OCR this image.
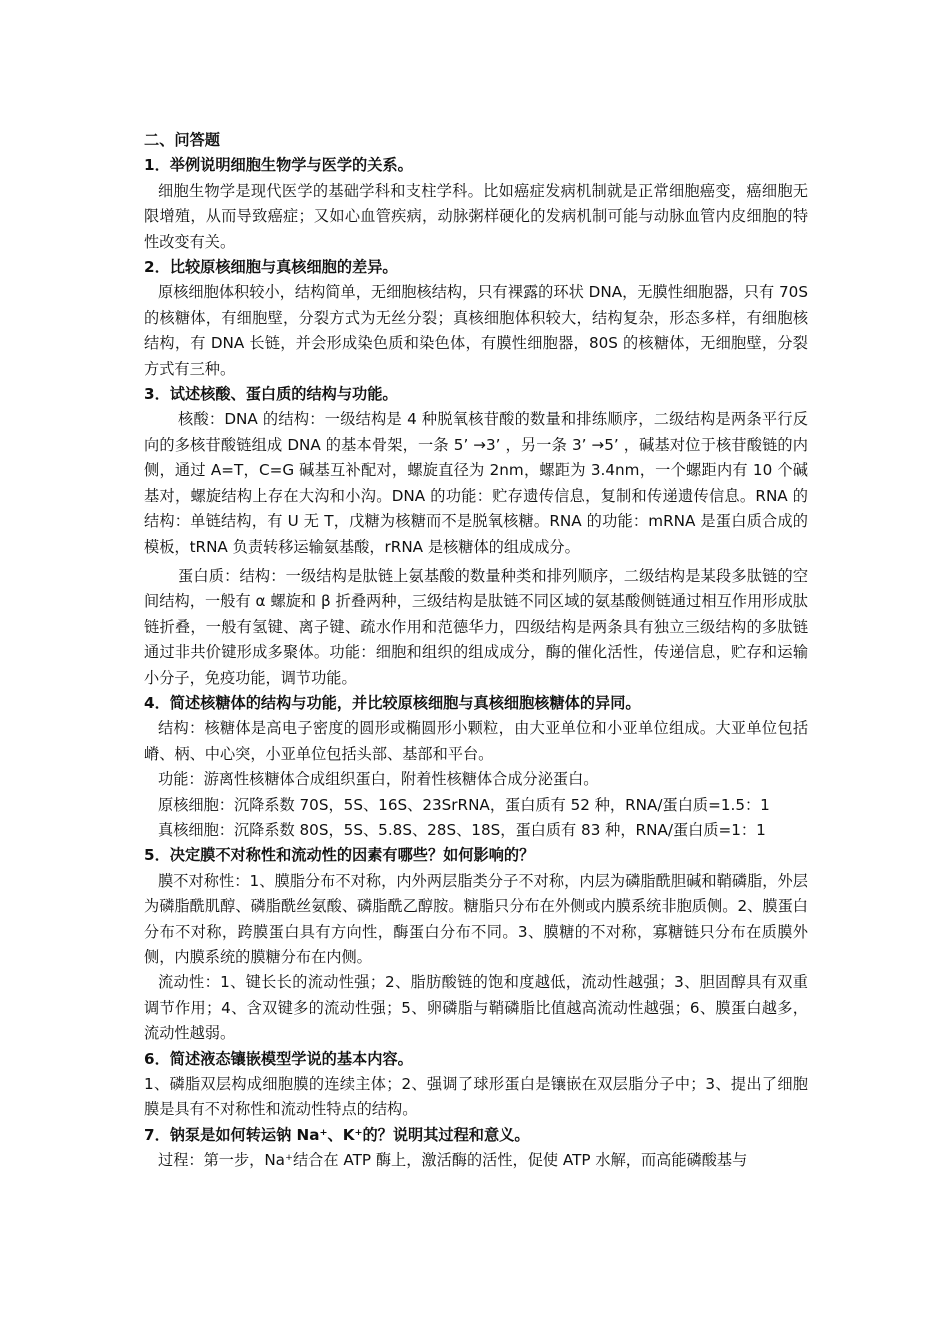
二、问答题

1．举例说明细胞生物学与医学的关系。

细胞生物学是现代医学的基础学科和支柱学科。比如癌症发病机制就是正常细胞癌变，癌细胞无限增殖，从而导致癌症；又如心血管疾病，动脉粥样硬化的发病机制可能与动脉血管内皮细胞的特性改变有关。

2．比较原核细胞与真核细胞的差异。

原核细胞体积较小，结构简单，无细胞核结构，只有裸露的环状 DNA，无膜性细胞器，只有 70S 的核糖体，有细胞壁，分裂方式为无丝分裂；真核细胞体积较大，结构复杂，形态多样，有细胞核结构，有 DNA 长链，并会形成染色质和染色体，有膜性细胞器，80S 的核糖体，无细胞壁，分裂方式有三种。

3．试述核酸、蛋白质的结构与功能。

核酸：DNA 的结构：一级结构是 4 种脱氧核苷酸的数量和排练顺序，二级结构是两条平行反向的多核苷酸链组成 DNA 的基本骨架，一条 5’ →3’ ，另一条 3’ →5’ ，碱基对位于核苷酸链的内侧，通过 A=T，C=G 碱基互补配对，螺旋直径为 2nm，螺距为 3.4nm，一个螺距内有 10 个碱基对，螺旋结构上存在大沟和小沟。DNA 的功能：贮存遗传信息，复制和传递遗传信息。RNA 的结构：单链结构，有 U 无 T，戊糖为核糖而不是脱氧核糖。RNA 的功能：mRNA 是蛋白质合成的模板，tRNA 负责转移运输氨基酸，rRNA 是核糖体的组成成分。

蛋白质：结构：一级结构是肽链上氨基酸的数量种类和排列顺序，二级结构是某段多肽链的空间结构，一般有 α 螺旋和 β 折叠两种，三级结构是肽链不同区域的氨基酸侧链通过相互作用形成肽链折叠，一般有氢键、离子键、疏水作用和范德华力，四级结构是两条具有独立三级结构的多肽链通过非共价键形成多聚体。功能：细胞和组织的组成成分，酶的催化活性，传递信息，贮存和运输小分子，免疫功能，调节功能。

4．简述核糖体的结构与功能，并比较原核细胞与真核细胞核糖体的异同。

结构：核糖体是高电子密度的圆形或椭圆形小颗粒，由大亚单位和小亚单位组成。大亚单位包括嵴、柄、中心突，小亚单位包括头部、基部和平台。

功能：游离性核糖体合成组织蛋白，附着性核糖体合成分泌蛋白。

原核细胞：沉降系数 70S，5S、16S、23SrRNA，蛋白质有 52 种，RNA/蛋白质=1.5：1

真核细胞：沉降系数 80S，5S、5.8S、28S、18S，蛋白质有 83 种，RNA/蛋白质=1：1

5．决定膜不对称性和流动性的因素有哪些？如何影响的？

膜不对称性：1、膜脂分布不对称，内外两层脂类分子不对称，内层为磷脂酰胆碱和鞘磷脂，外层为磷脂酰肌醇、磷脂酰丝氨酸、磷脂酰乙醇胺。糖脂只分布在外侧或内膜系统非胞质侧。2、膜蛋白分布不对称，跨膜蛋白具有方向性，酶蛋白分布不同。3、膜糖的不对称，寡糖链只分布在质膜外侧，内膜系统的膜糖分布在内侧。

流动性：1、键长长的流动性强；2、脂肪酸链的饱和度越低，流动性越强；3、胆固醇具有双重调节作用；4、含双键多的流动性强；5、卵磷脂与鞘磷脂比值越高流动性越强；6、膜蛋白越多，流动性越弱。

6．简述液态镶嵌模型学说的基本内容。

1、磷脂双层构成细胞膜的连续主体；2、强调了球形蛋白是镶嵌在双层脂分子中；3、提出了细胞膜是具有不对称性和流动性特点的结构。

7．钠泵是如何转运钠 Na⁺、K⁺的？说明其过程和意义。

过程：第一步，Na⁺结合在 ATP 酶上，激活酶的活性，促使 ATP 水解，而高能磷酸基与
